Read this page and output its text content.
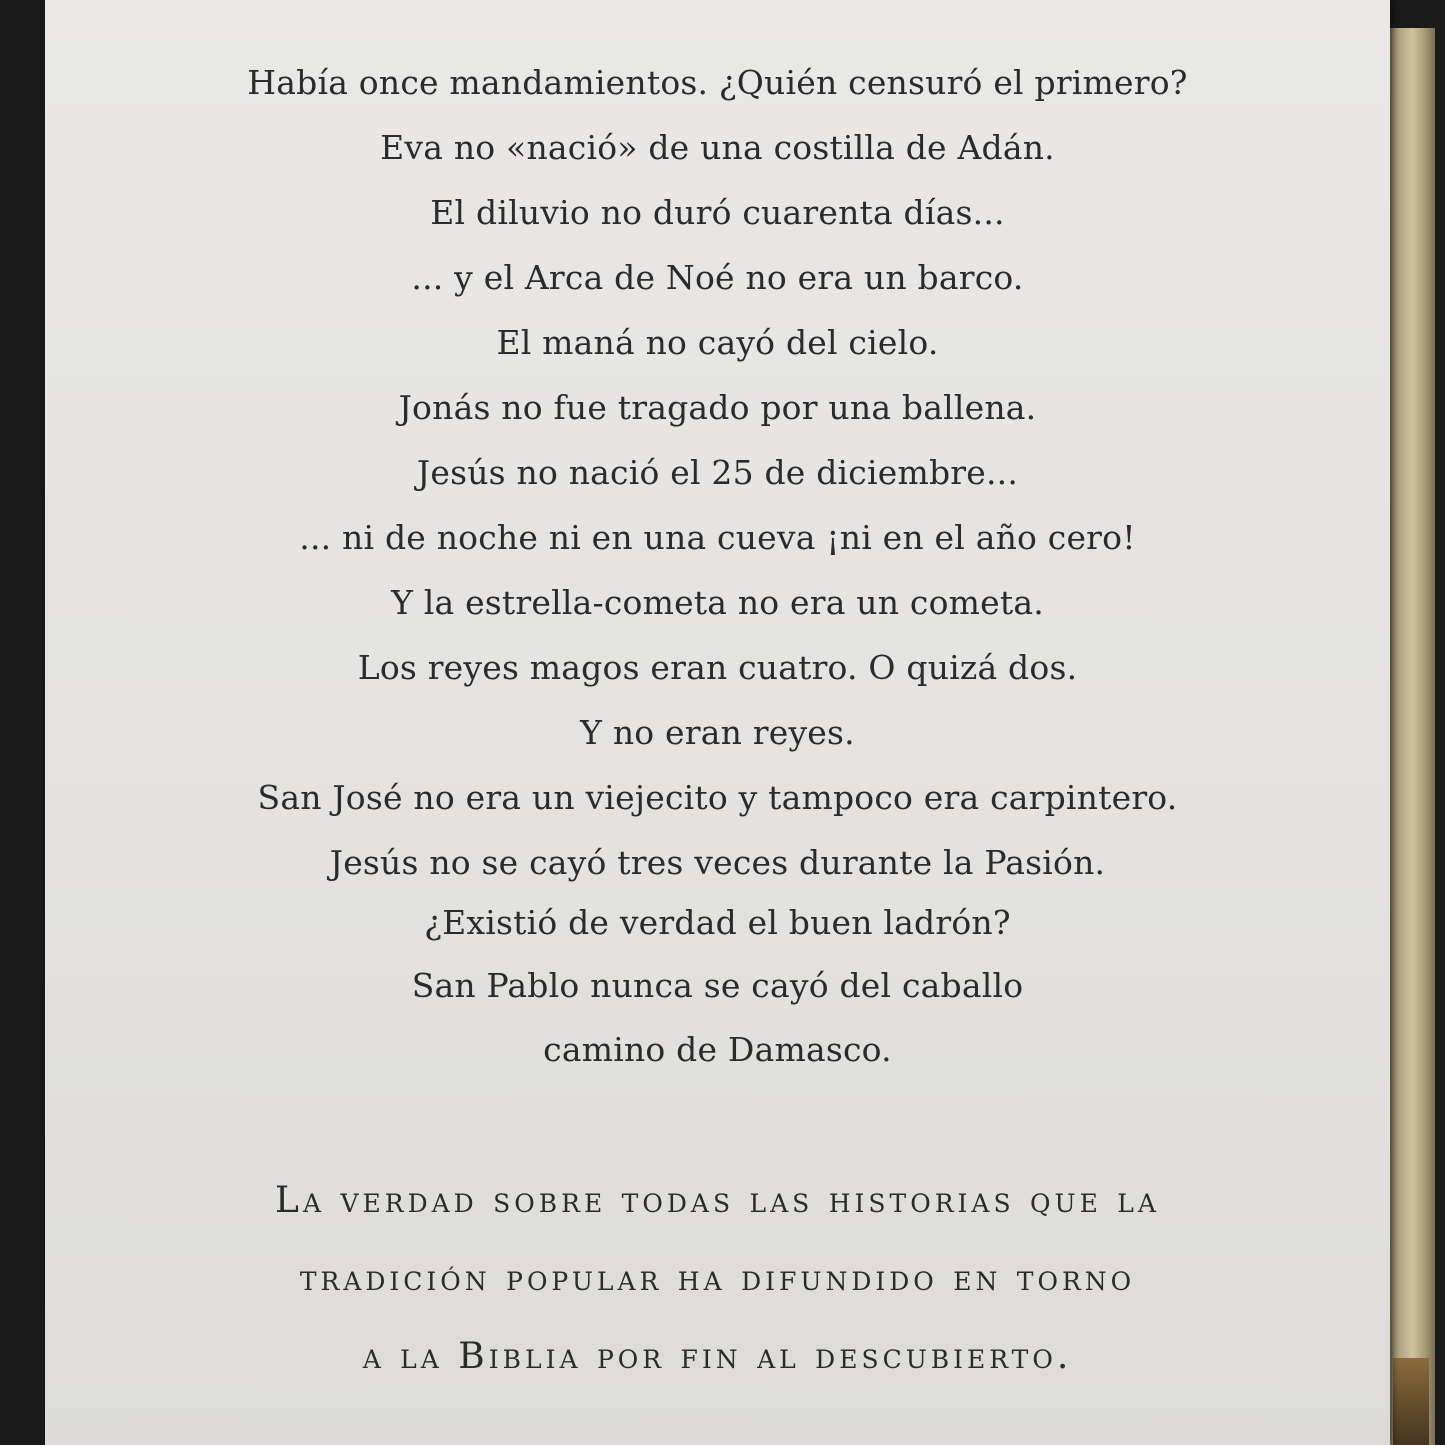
Había once mandamientos. ¿Quién censuró el primero?
Eva no «nació» de una costilla de Adán.
El diluvio no duró cuarenta días...
... y el Arca de Noé no era un barco.
El maná no cayó del cielo.
Jonás no fue tragado por una ballena.
Jesús no nació el 25 de diciembre...
... ni de noche ni en una cueva ¡ni en el año cero!
Y la estrella-cometa no era un cometa.
Los reyes magos eran cuatro. O quizá dos.
Y no eran reyes.
San José no era un viejecito y tampoco era carpintero.
Jesús no se cayó tres veces durante la Pasión.
¿Existió de verdad el buen ladrón?
San Pablo nunca se cayó del caballo
camino de Damasco.
La verdad sobre todas las historias que la
tradición popular ha difundido en torno
a la Biblia por fin al descubierto.
